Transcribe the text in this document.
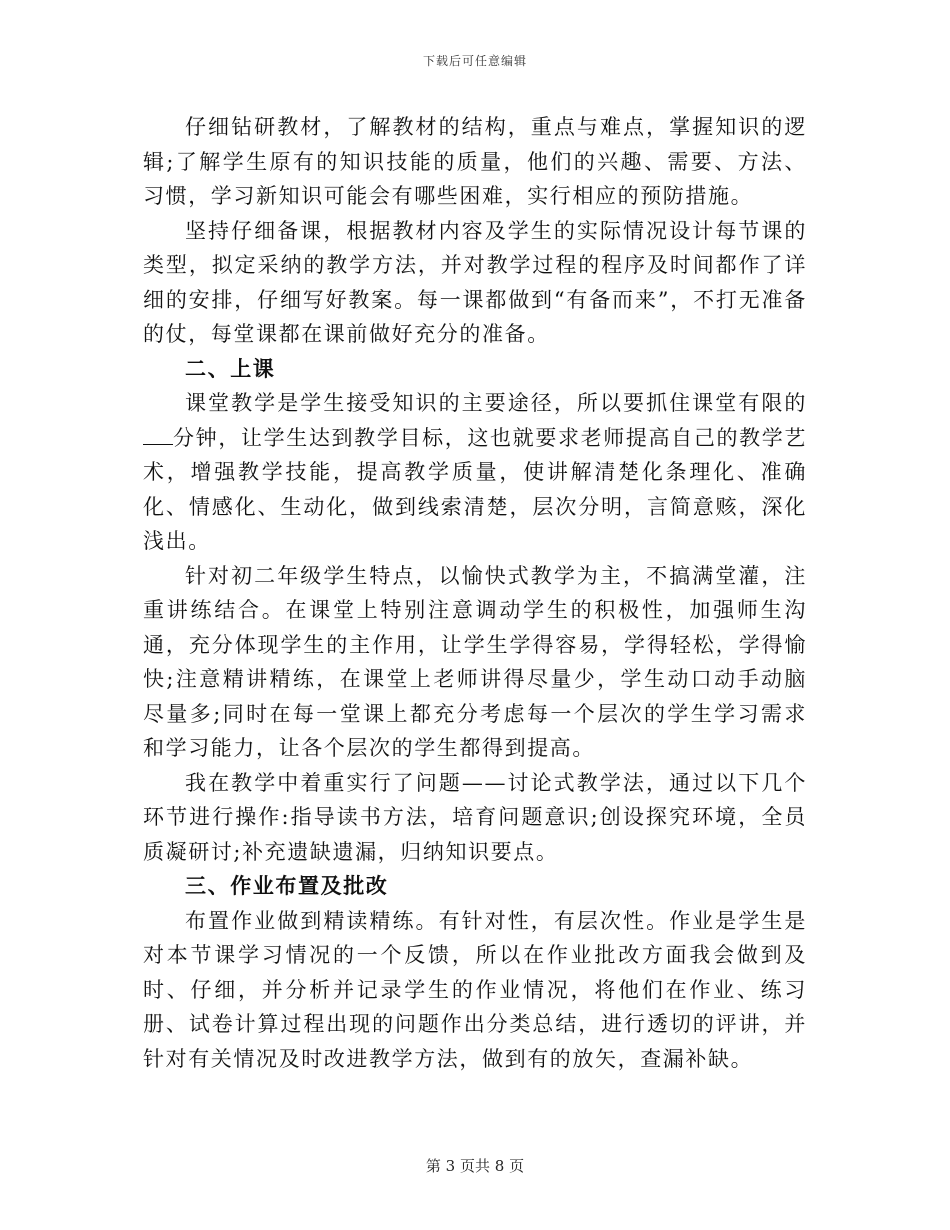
下载后可任意编辑

仔细钻研教材，了解教材的结构，重点与难点，掌握知识的逻辑;了解学生原有的知识技能的质量，他们的兴趣、需要、方法、习惯，学习新知识可能会有哪些困难，实行相应的预防措施。

坚持仔细备课，根据教材内容及学生的实际情况设计每节课的类型，拟定采纳的教学方法，并对教学过程的程序及时间都作了详细的安排，仔细写好教案。每一课都做到“有备而来”，不打无准备的仗，每堂课都在课前做好充分的准备。

二、上课

课堂教学是学生接受知识的主要途径，所以要抓住课堂有限的分钟，让学生达到教学目标，这也就要求老师提高自己的教学艺术，增强教学技能，提高教学质量，使讲解清楚化条理化、准确化、情感化、生动化，做到线索清楚，层次分明，言简意赅，深化浅出。

针对初二年级学生特点，以愉快式教学为主，不搞满堂灌，注重讲练结合。在课堂上特别注意调动学生的积极性，加强师生沟通，充分体现学生的主作用，让学生学得容易，学得轻松，学得愉快;注意精讲精练，在课堂上老师讲得尽量少，学生动口动手动脑尽量多;同时在每一堂课上都充分考虑每一个层次的学生学习需求和学习能力，让各个层次的学生都得到提高。

我在教学中着重实行了问题——讨论式教学法，通过以下几个环节进行操作:指导读书方法，培育问题意识;创设探究环境，全员质凝研讨;补充遗缺遗漏，归纳知识要点。

三、作业布置及批改

布置作业做到精读精练。有针对性，有层次性。作业是学生是对本节课学习情况的一个反馈，所以在作业批改方面我会做到及时、仔细，并分析并记录学生的作业情况，将他们在作业、练习册、试卷计算过程出现的问题作出分类总结，进行透切的评讲，并针对有关情况及时改进教学方法，做到有的放矢，查漏补缺。

第 3 页共 8 页
